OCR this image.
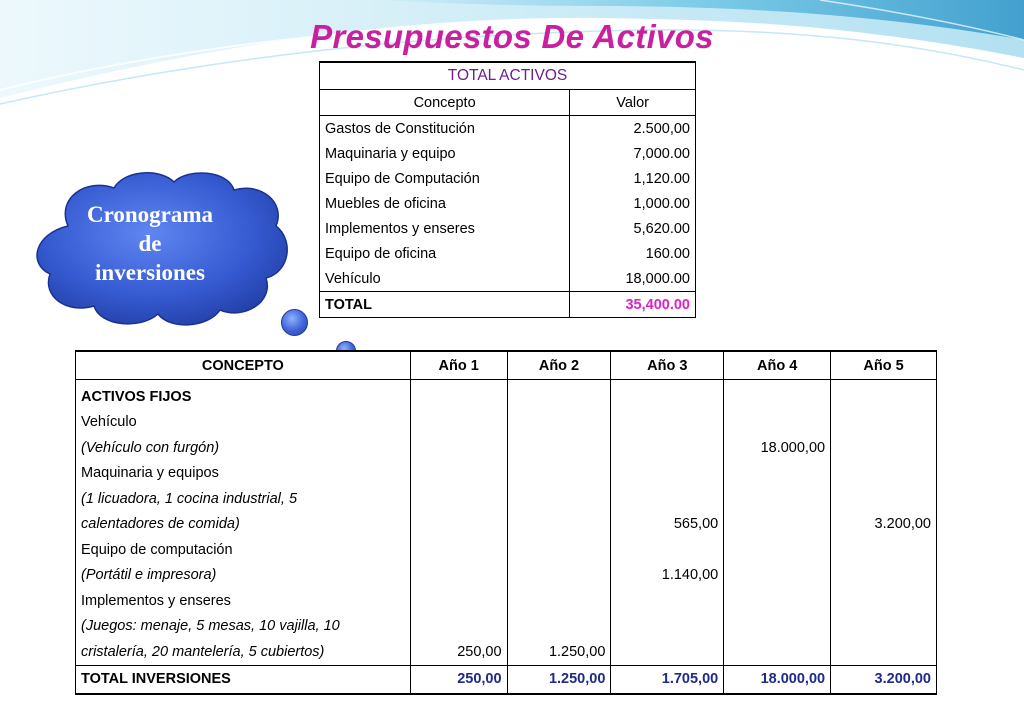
Presupuestos De Activos
Cronograma
de
inversiones
TOTAL ACTIVOS	
Concepto	Valor
Gastos de Constitución	2.500,00
Maquinaria y equipo	7,000.00
Equipo de Computación	1,120.00
Muebles de oficina	1,000.00
Implementos y enseres	5,620.00
Equipo de oficina	160.00
Vehículo	18,000.00
TOTAL	35,400.00
CONCEPTO	Año 1	Año 2	Año 3	Año 4	Año 5
ACTIVOS FIJOS					
Vehículo					
(Vehículo con furgón)				18.000,00	
Maquinaria y equipos					
(1 licuadora, 1 cocina industrial, 5					
calentadores de comida)			565,00		3.200,00
Equipo de computación					
(Portátil e impresora)			1.140,00		
Implementos y enseres					
(Juegos: menaje, 5 mesas, 10 vajilla, 10					
cristalería, 20 mantelería, 5 cubiertos)	250,00	1.250,00			
TOTAL INVERSIONES	250,00	1.250,00	1.705,00	18.000,00	3.200,00
